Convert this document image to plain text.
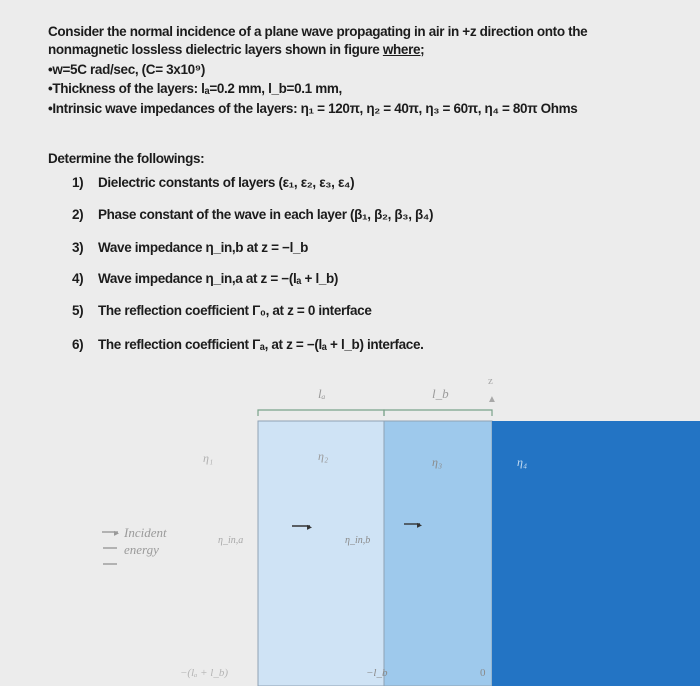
Consider the normal incidence of a plane wave propagating in air in +z direction onto the
nonmagnetic lossless dielectric layers shown in figure where;
•w=5C rad/sec, (C= 3x10⁹)
•Thickness of the layers: lₐ=0.2 mm, l_b=0.1 mm,
•Intrinsic wave impedances of the layers: η₁ = 120π, η₂ = 40π, η₃ = 60π, η₄ = 80π Ohms
Determine the followings:
1) Dielectric constants of layers (ε₁, ε₂, ε₃, ε₄)
2) Phase constant of the wave in each layer (β₁, β₂, β₃, β₄)
3) Wave impedance η_in,b at z = −l_b
4) Wave impedance η_in,a at z = −(lₐ + l_b)
5) The reflection coefficient Γ₀, at z = 0 interface
6) The reflection coefficient Γₐ, at z = −(lₐ + l_b) interface.
lₐ	l_b
z
▲
η₁	η₂	η₃	η₄
▸ Incident
energy
η_in,a	η_in,b
▸	▸
−(lₐ + l_b)	−l_b	0
